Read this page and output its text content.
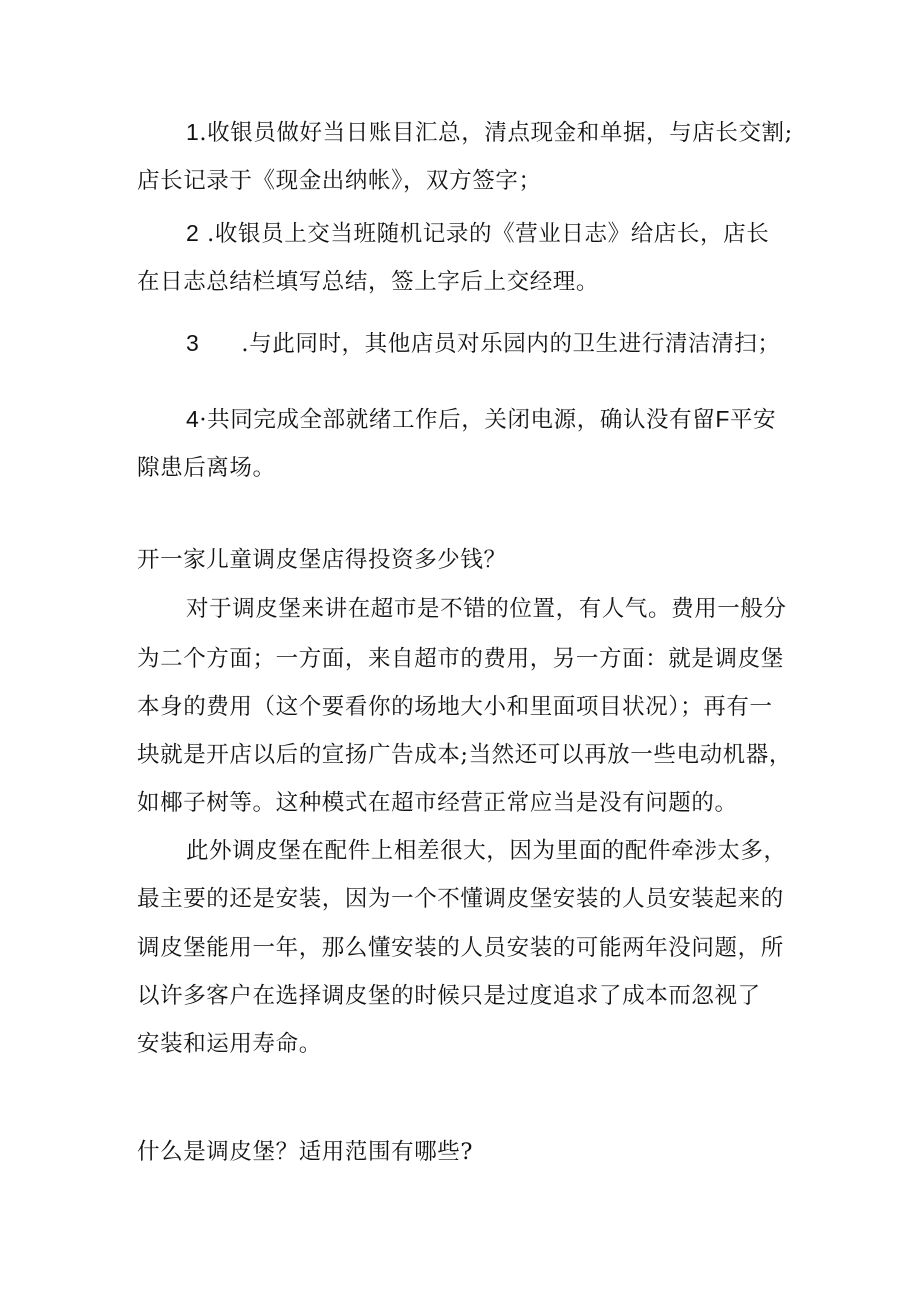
1.收银员做好当日账目汇总，清点现金和单据，与店长交割;
店长记录于《现金出纳帐》，双方签字；
2 .收银员上交当班随机记录的《营业日志》给店长，店长
在日志总结栏填写总结，签上字后上交经理。
3 .与此同时，其他店员对乐园内的卫生进行清洁清扫；
4·共同完成全部就绪工作后，关闭电源，确认没有留F平安
隙患后离场。
开一家儿童调皮堡店得投资多少钱？
对于调皮堡来讲在超市是不错的位置，有人气。费用一般分
为二个方面；一方面，来自超市的费用，另一方面：就是调皮堡
本身的费用（这个要看你的场地大小和里面项目状况）；再有一
块就是开店以后的宣扬广告成本;当然还可以再放一些电动机器，
如椰子树等。这种模式在超市经营正常应当是没有问题的。
此外调皮堡在配件上相差很大，因为里面的配件牵涉太多，
最主要的还是安装，因为一个不懂调皮堡安装的人员安装起来的
调皮堡能用一年，那么懂安装的人员安装的可能两年没问题，所
以许多客户在选择调皮堡的时候只是过度追求了成本而忽视了
安装和运用寿命。
什么是调皮堡？适用范围有哪些?
